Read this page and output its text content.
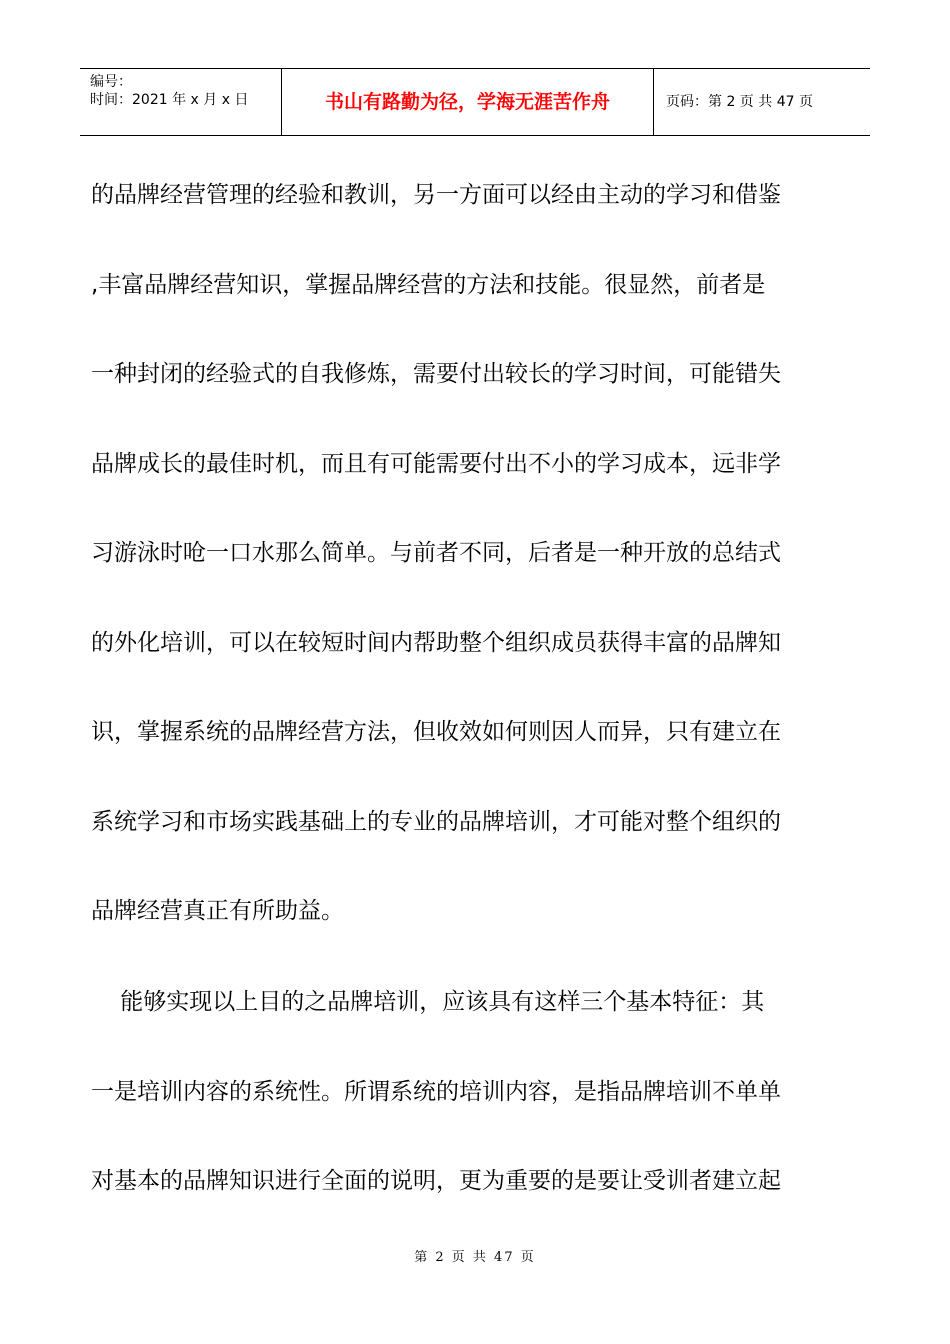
编号：
时间：2021 年 x 月 x 日	书山有路勤为径，学海无涯苦作舟	页码：第 2 页 共 47 页
的品牌经营管理的经验和教训，另一方面可以经由主动的学习和借鉴
,丰富品牌经营知识，掌握品牌经营的方法和技能。很显然，前者是
一种封闭的经验式的自我修炼，需要付出较长的学习时间，可能错失
品牌成长的最佳时机，而且有可能需要付出不小的学习成本，远非学
习游泳时呛一口水那么简单。与前者不同，后者是一种开放的总结式
的外化培训，可以在较短时间内帮助整个组织成员获得丰富的品牌知
识，掌握系统的品牌经营方法，但收效如何则因人而异，只有建立在
系统学习和市场实践基础上的专业的品牌培训，才可能对整个组织的
品牌经营真正有所助益。
能够实现以上目的之品牌培训，应该具有这样三个基本特征：其
一是培训内容的系统性。所谓系统的培训内容，是指品牌培训不单单
对基本的品牌知识进行全面的说明，更为重要的是要让受训者建立起
第 2 页 共 47 页
